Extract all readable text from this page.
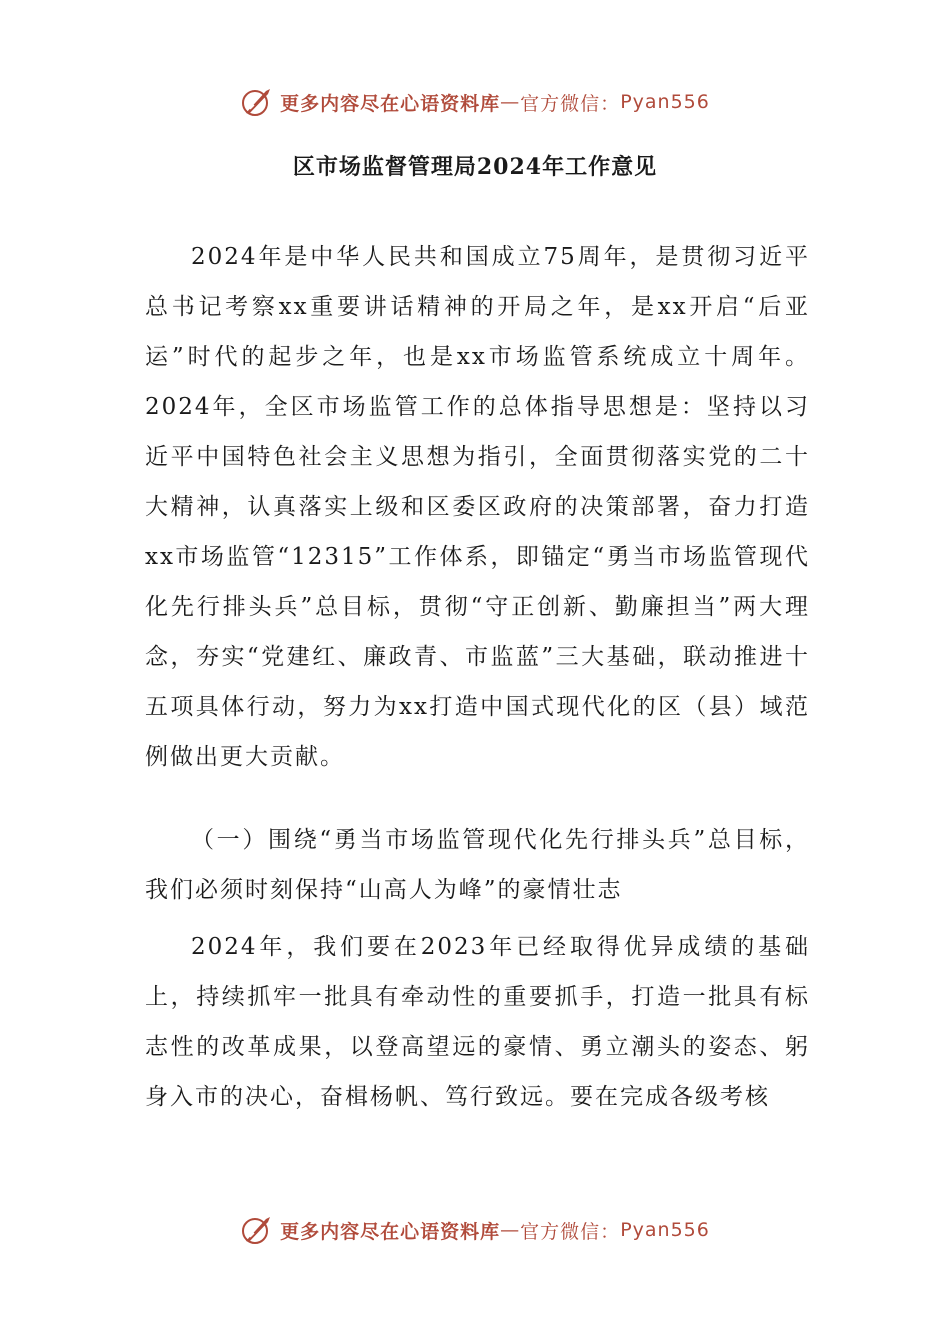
更多内容尽在心语资料库 — 官方微信： Pyan556
区市场监督管理局2024年工作意见

2024年是中华人民共和国成立75周年，是贯彻习近平总书记考察xx重要讲话精神的开局之年，是xx开启“后亚运”时代的起步之年，也是xx市场监管系统成立十周年。2024年，全区市场监管工作的总体指导思想是：坚持以习近平中国特色社会主义思想为指引，全面贯彻落实党的二十大精神，认真落实上级和区委区政府的决策部署，奋力打造xx市场监管“12315”工作体系，即锚定“勇当市场监管现代化先行排头兵”总目标，贯彻“守正创新、勤廉担当”两大理念，夯实“党建红、廉政青、市监蓝”三大基础，联动推进十五项具体行动，努力为xx打造中国式现代化的区（县）域范例做出更大贡献。

（一）围绕“勇当市场监管现代化先行排头兵”总目标，我们必须时刻保持“山高人为峰”的豪情壮志

2024年，我们要在2023年已经取得优异成绩的基础上，持续抓牢一批具有牵动性的重要抓手，打造一批具有标志性的改革成果，以登高望远的豪情、勇立潮头的姿态、躬身入市的决心，奋楫杨帆、笃行致远。要在完成各级考核

更多内容尽在心语资料库 — 官方微信： Pyan556
